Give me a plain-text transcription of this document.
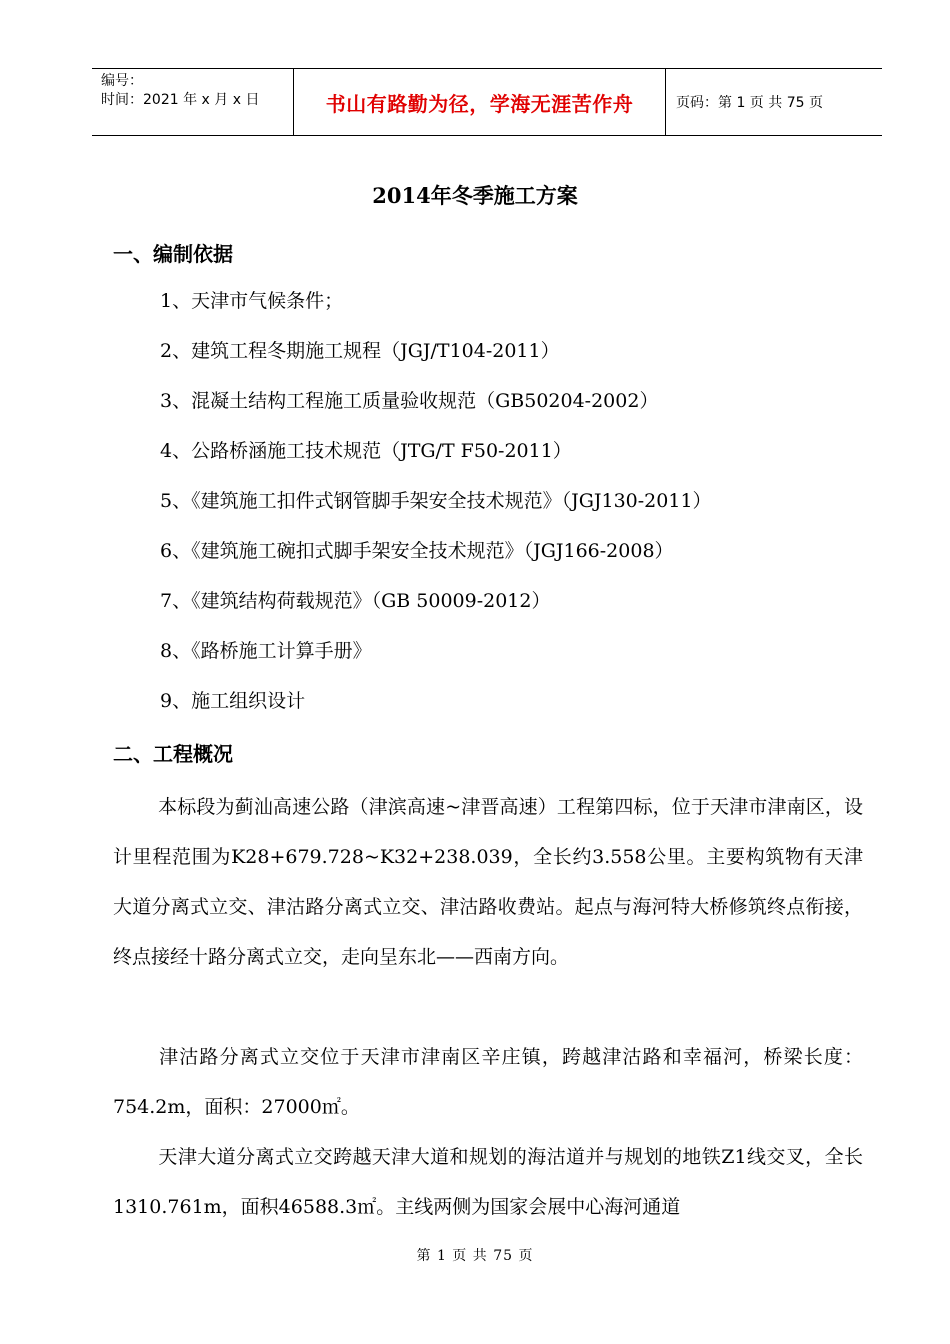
编号：
时间：2021 年 x 月 x 日	书山有路勤为径，学海无涯苦作舟	页码：第 1 页 共 75 页
2014年冬季施工方案
一、编制依据
1、天津市气候条件；
2、建筑工程冬期施工规程（JGJ/T104-2011）
3、混凝土结构工程施工质量验收规范（GB50204-2002）
4、公路桥涵施工技术规范（JTG/T F50-2011）
5、《建筑施工扣件式钢管脚手架安全技术规范》（JGJ130-2011）
6、《建筑施工碗扣式脚手架安全技术规范》（JGJ166-2008）
7、《建筑结构荷载规范》（GB 50009-2012）
8、《路桥施工计算手册》
9、施工组织设计
二、工程概况

本标段为蓟汕高速公路（津滨高速~津晋高速）工程第四标，位于天津市津南区，设计里程范围为K28+679.728~K32+238.039，全长约3.558公里。主要构筑物有天津大道分离式立交、津沽路分离式立交、津沽路收费站。起点与海河特大桥修筑终点衔接，终点接经十路分离式立交，走向呈东北——西南方向。

津沽路分离式立交位于天津市津南区辛庄镇，跨越津沽路和幸福河，桥梁长度：754.2m，面积：27000㎡。

天津大道分离式立交跨越天津大道和规划的海沽道并与规划的地铁Z1线交叉，全长1310.761m，面积46588.3㎡。主线两侧为国家会展中心海河通道

第 1 页 共 75 页
